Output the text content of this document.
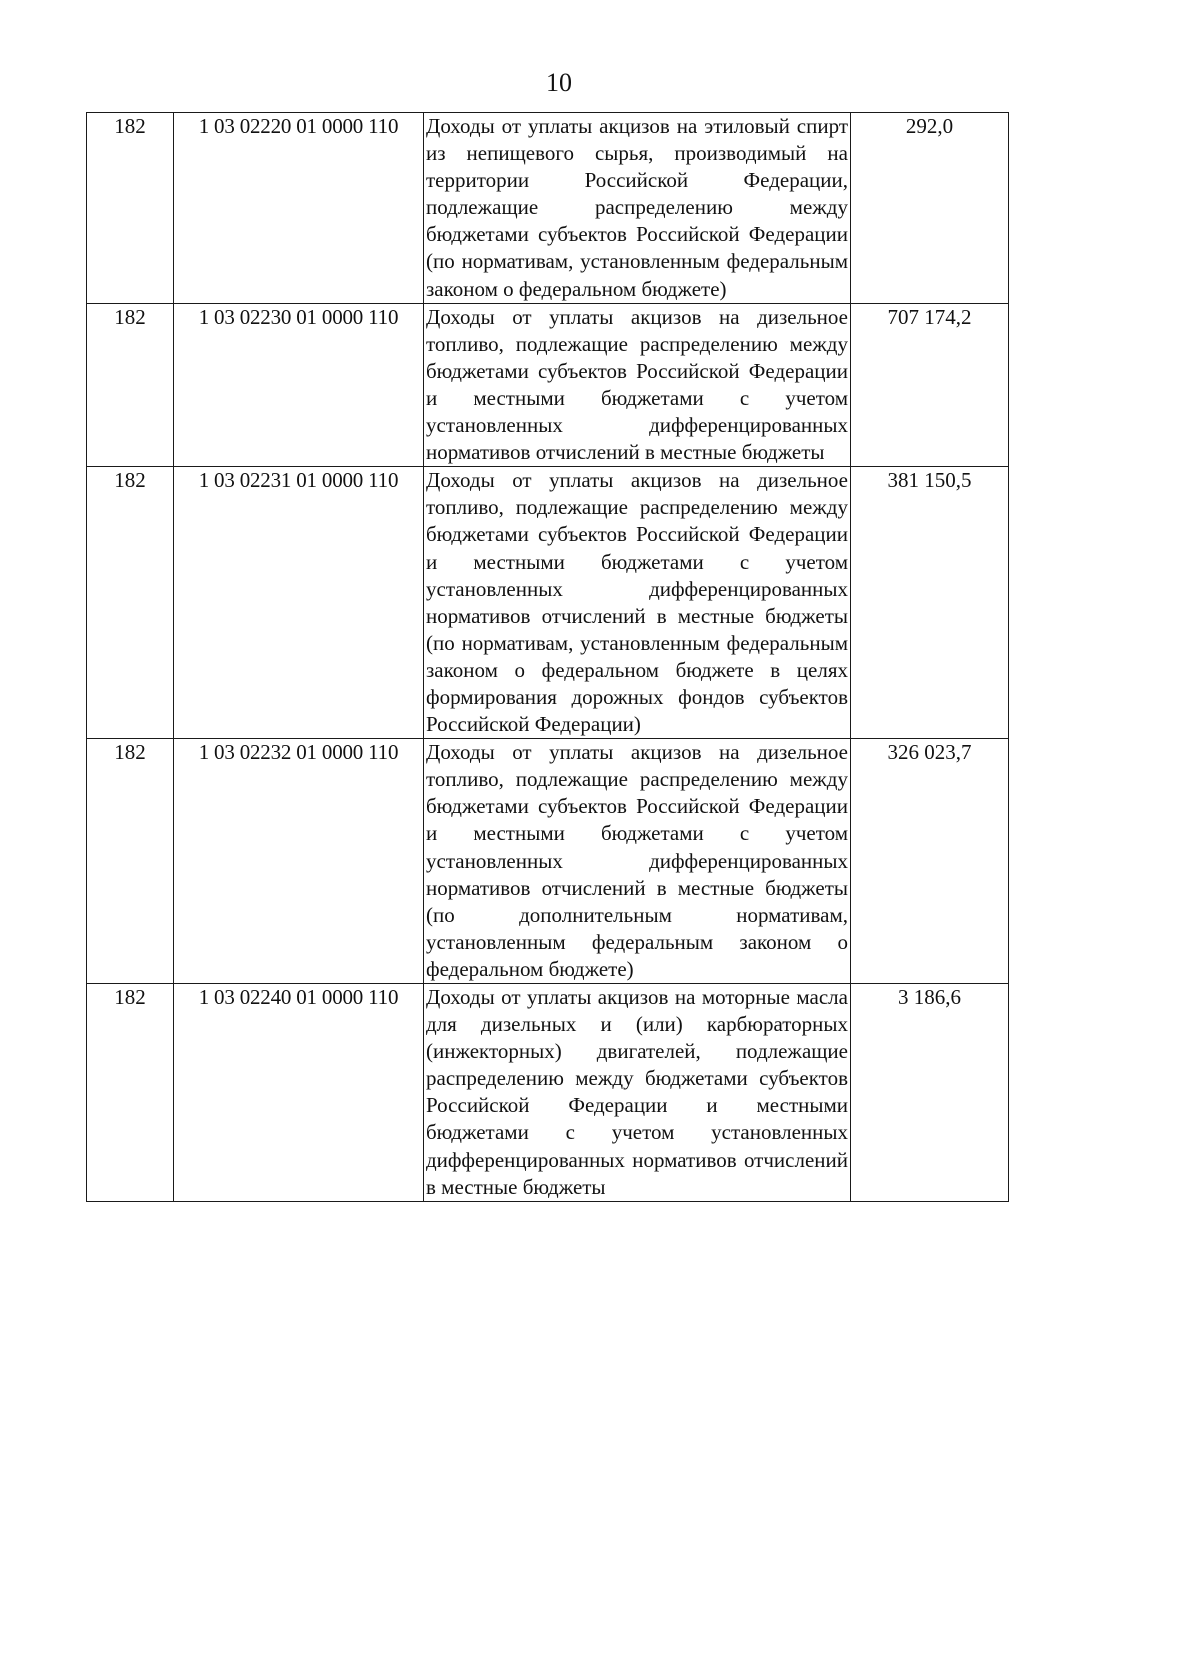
10
182	1 03 02220 01 0000 110	Доходы от уплаты акцизов на этиловый спирт из непищевого сырья, производимый на территории Российской Федерации, подлежащие распределению между бюджетами субъектов Российской Федерации (по нормативам, установленным федеральным законом о федеральном бюджете)	292,0
182	1 03 02230 01 0000 110	Доходы от уплаты акцизов на дизельное топливо, подлежащие распределению между бюджетами субъектов Российской Федерации и местными бюджетами с учетом установленных дифференцированных нормативов отчислений в местные бюджеты	707 174,2
182	1 03 02231 01 0000 110	Доходы от уплаты акцизов на дизельное топливо, подлежащие распределению между бюджетами субъектов Российской Федерации и местными бюджетами с учетом установленных дифференцированных нормативов отчислений в местные бюджеты (по нормативам, установленным федеральным законом о федеральном бюджете в целях формирования дорожных фондов субъектов Российской Федерации)	381 150,5
182	1 03 02232 01 0000 110	Доходы от уплаты акцизов на дизельное топливо, подлежащие распределению между бюджетами субъектов Российской Федерации и местными бюджетами с учетом установленных дифференцированных нормативов отчислений в местные бюджеты (по дополнительным нормативам, установленным федеральным законом о федеральном бюджете)	326 023,7
182	1 03 02240 01 0000 110	Доходы от уплаты акцизов на моторные масла для дизельных и (или) карбюраторных (инжекторных) двигателей, подлежащие распределению между бюджетами субъектов Российской Федерации и местными бюджетами с учетом установленных дифференцированных нормативов отчислений в местные бюджеты	3 186,6
